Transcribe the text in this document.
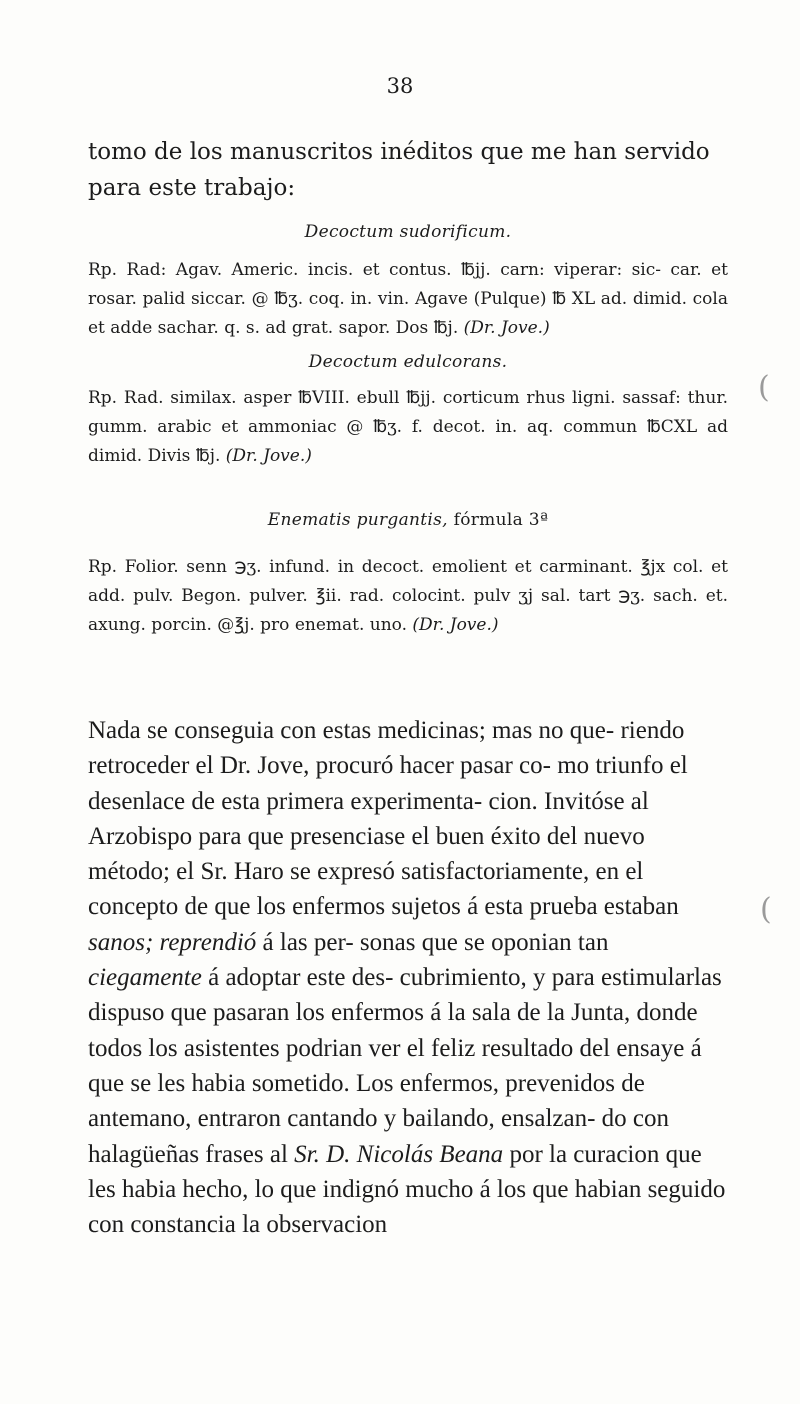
38
tomo de los manuscritos inéditos que me han servido para este trabajo:
Decoctum sudorificum.
Rp. Rad: Agav. Americ. incis. et contus. ℔jj. carn: viperar: sic- car. et rosar. palid siccar. @ ℔ʒ. coq. in. vin. Agave (Pulque) ℔ XL ad. dimid. cola et adde sachar. q. s. ad grat. sapor. Dos ℔j. (Dr. Jove.)
Decoctum edulcorans.
Rp. Rad. similax. asper ℔VIII. ebull ℔jj. corticum rhus ligni. sassaf: thur. gumm. arabic et ammoniac @ ℔ʒ. f. decot. in. aq. commun ℔CXL ad dimid. Divis ℔j. (Dr. Jove.)
Enematis purgantis, fórmula 3ª
Rp. Folior. senn ℈ʒ. infund. in decoct. emolient et carminant. ℥jx col. et add. pulv. Begon. pulver. ℥ii. rad. colocint. pulv ʒj sal. tart ℈ʒ. sach. et. axung. porcin. @℥j. pro enemat. uno. (Dr. Jove.)

Nada se conseguia con estas medicinas; mas no que- riendo retroceder el Dr. Jove, procuró hacer pasar co- mo triunfo el desenlace de esta primera experimenta- cion. Invitóse al Arzobispo para que presenciase el buen éxito del nuevo método; el Sr. Haro se expresó satisfactoriamente, en el concepto de que los enfermos sujetos á esta prueba estaban sanos; reprendió á las per- sonas que se oponian tan ciegamente á adoptar este des- cubrimiento, y para estimularlas dispuso que pasaran los enfermos á la sala de la Junta, donde todos los asistentes podrian ver el feliz resultado del ensaye á que se les habia sometido. Los enfermos, prevenidos de antemano, entraron cantando y bailando, ensalzan- do con halagüeñas frases al Sr. D. Nicolás Beana por la curacion que les habia hecho, lo que indignó mucho á los que habian seguido con constancia la observacion

(
(
